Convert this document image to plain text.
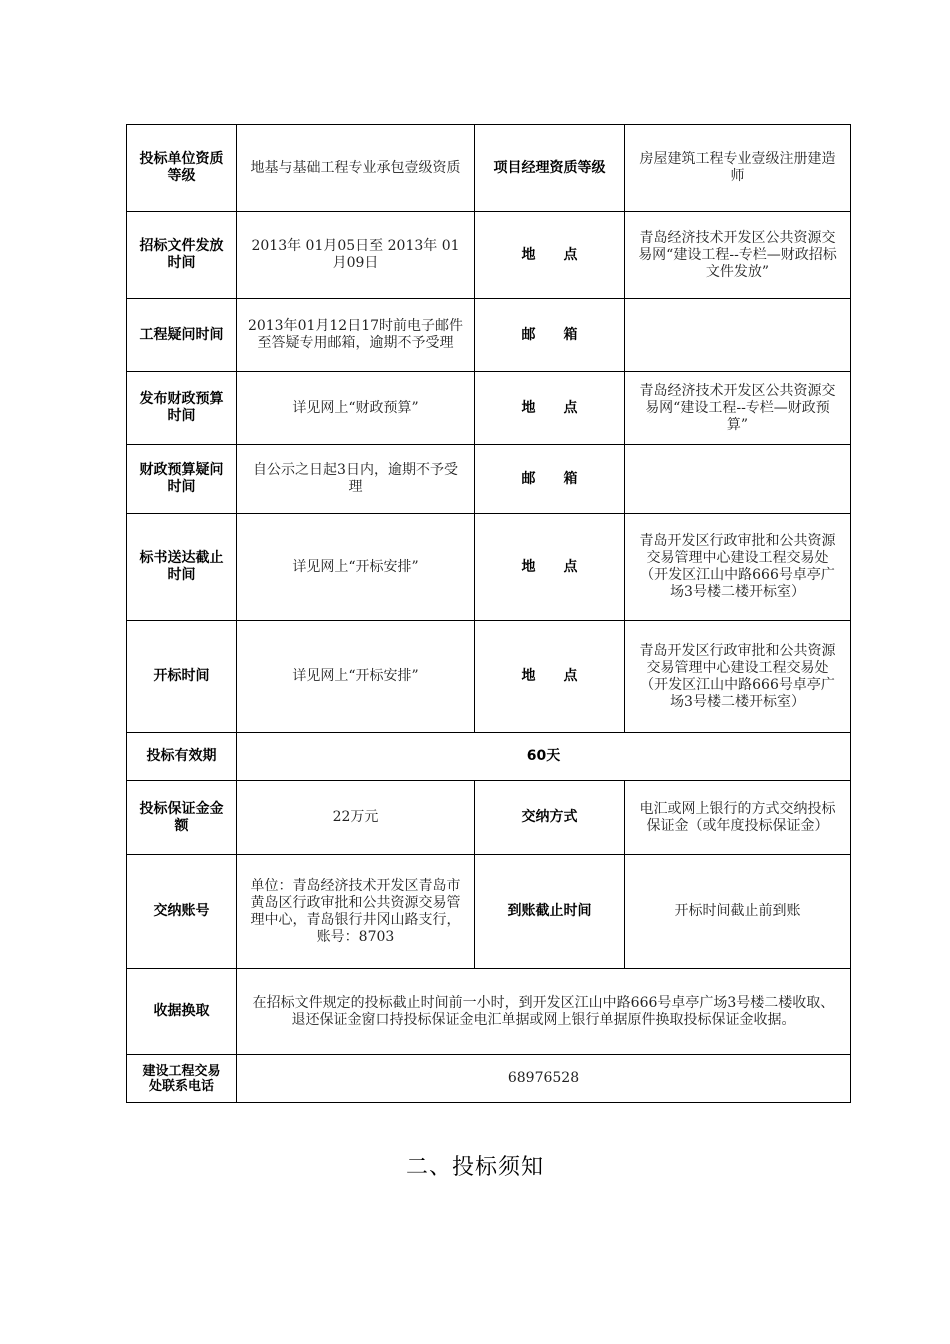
投标单位资质等级	地基与基础工程专业承包壹级资质	项目经理资质等级	房屋建筑工程专业壹级注册建造师
招标文件发放时间	2013年 01月05日至 2013年 01月09日	地　　点	青岛经济技术开发区公共资源交易网“建设工程--专栏—财政招标文件发放”
工程疑问时间	2013年01月12日17时前电子邮件至答疑专用邮箱，逾期不予受理	邮　　箱	
发布财政预算时间	详见网上“财政预算”	地　　点	青岛经济技术开发区公共资源交易网“建设工程--专栏—财政预算”
财政预算疑问时间	自公示之日起3日内，逾期不予受理	邮　　箱	
标书送达截止时间	详见网上“开标安排”	地　　点	青岛开发区行政审批和公共资源交易管理中心建设工程交易处（开发区江山中路666号卓亭广场3号楼二楼开标室）
开标时间	详见网上“开标安排”	地　　点	青岛开发区行政审批和公共资源交易管理中心建设工程交易处（开发区江山中路666号卓亭广场3号楼二楼开标室）
投标有效期	60天		
投标保证金金额	22万元	交纳方式	电汇或网上银行的方式交纳投标保证金（或年度投标保证金）
交纳账号	单位：青岛经济技术开发区青岛市黄岛区行政审批和公共资源交易管理中心，青岛银行井冈山路支行，账号：8703	到账截止时间	开标时间截止前到账
收据换取	在招标文件规定的投标截止时间前一小时，到开发区江山中路666号卓亭广场3号楼二楼收取、退还保证金窗口持投标保证金电汇单据或网上银行单据原件换取投标保证金收据。		
建设工程交易处联系电话	68976528		
二、投标须知
